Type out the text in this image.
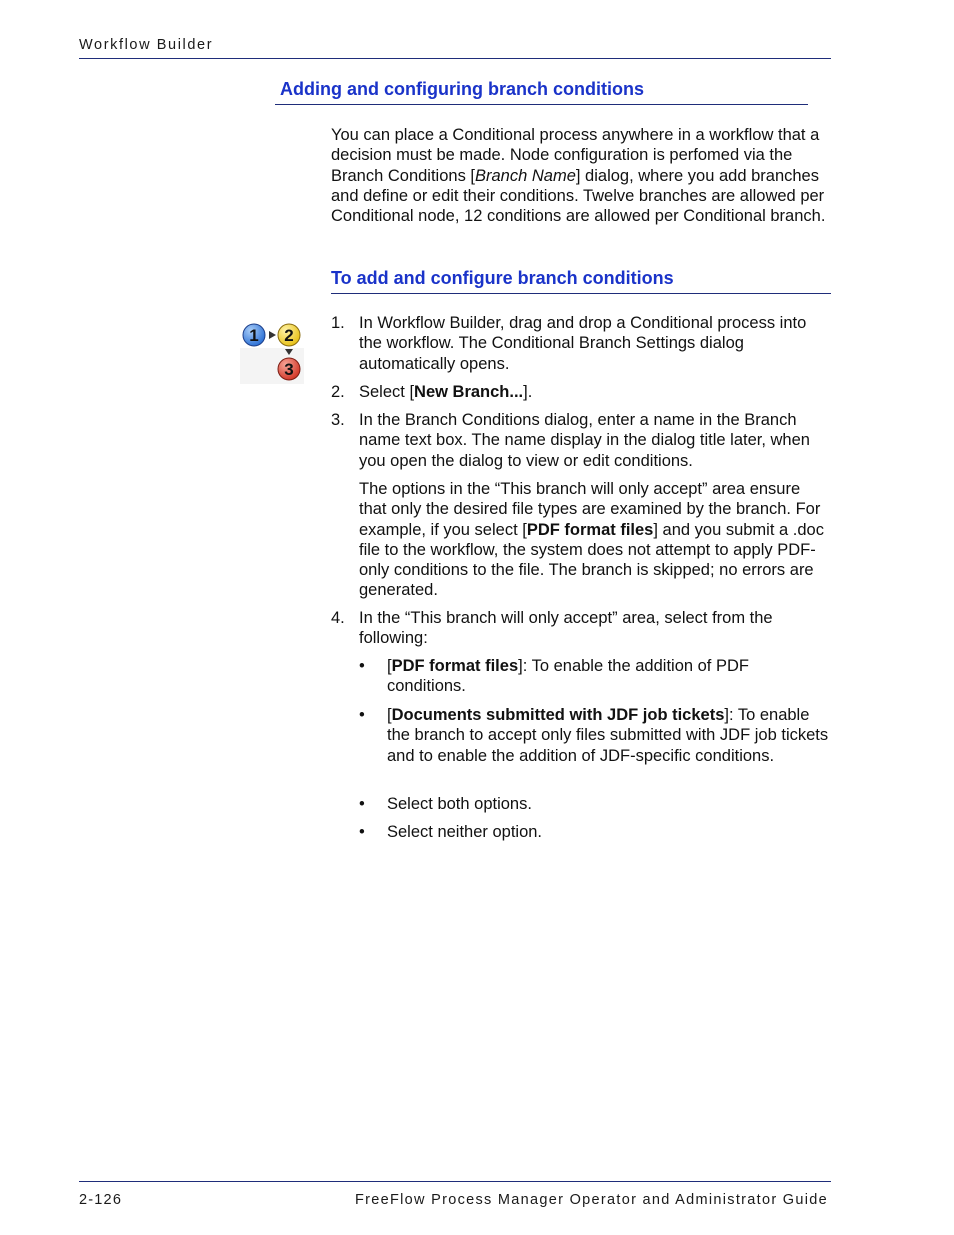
Workflow Builder
Adding and configuring branch conditions
You can place a Conditional process anywhere in a workflow that a decision must be made. Node configuration is perfomed via the Branch Conditions [Branch Name] dialog, where you add branches and define or edit their conditions. Twelve branches are allowed per Conditional node, 12 conditions are allowed per Conditional branch.
To add and configure branch conditions
1 2
3
1. In Workflow Builder, drag and drop a Conditional process into the workflow. The Conditional Branch Settings dialog automatically opens.
2. Select [New Branch...].
3. In the Branch Conditions dialog, enter a name in the Branch name text box. The name display in the dialog title later, when you open the dialog to view or edit conditions.
The options in the “This branch will only accept” area ensure that only the desired file types are examined by the branch. For example, if you select [PDF format files] and you submit a .doc file to the workflow, the system does not attempt to apply PDF-only conditions to the file. The branch is skipped; no errors are generated.
4. In the “This branch will only accept” area, select from the following:
• [PDF format files]: To enable the addition of PDF conditions.
• [Documents submitted with JDF job tickets]: To enable the branch to accept only files submitted with JDF job tickets and to enable the addition of JDF-specific conditions.
• Select both options.
• Select neither option.
2-126	FreeFlow Process Manager Operator and Administrator Guide
